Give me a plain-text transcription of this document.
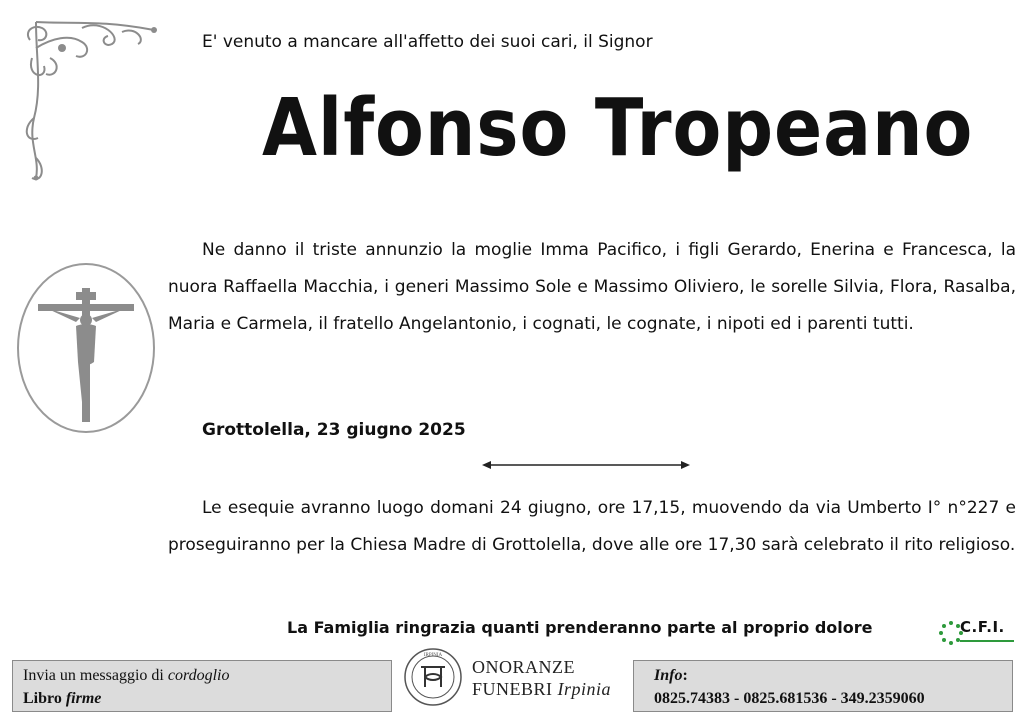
E' venuto a mancare all'affetto dei suoi cari, il Signor
Alfonso Tropeano

Ne danno il triste annunzio la moglie Imma Pacifico, i figli Gerardo, Enerina e Francesca, la nuora Raffaella Macchia, i generi Massimo Sole e Massimo Oliviero, le sorelle Silvia, Flora, Rasalba, Maria e Carmela, il fratello Angelantonio, i cognati, le cognate, i nipoti ed i parenti tutti.

Grottolella, 23 giugno 2025

Le esequie avranno luogo domani 24 giugno, ore 17,15, muovendo da via Umberto I° n°227 e proseguiranno per la Chiesa Madre di Grottolella, dove alle ore 17,30 sarà celebrato il rito religioso.

La Famiglia ringrazia quanti prenderanno parte al proprio dolore	C.F.I.
Invia un messaggio di cordoglio
Libro firme
IRPINIA
ONORANZE
FUNEBRI Irpinia
Info:
0825.74383 - 0825.681536 - 349.2359060
